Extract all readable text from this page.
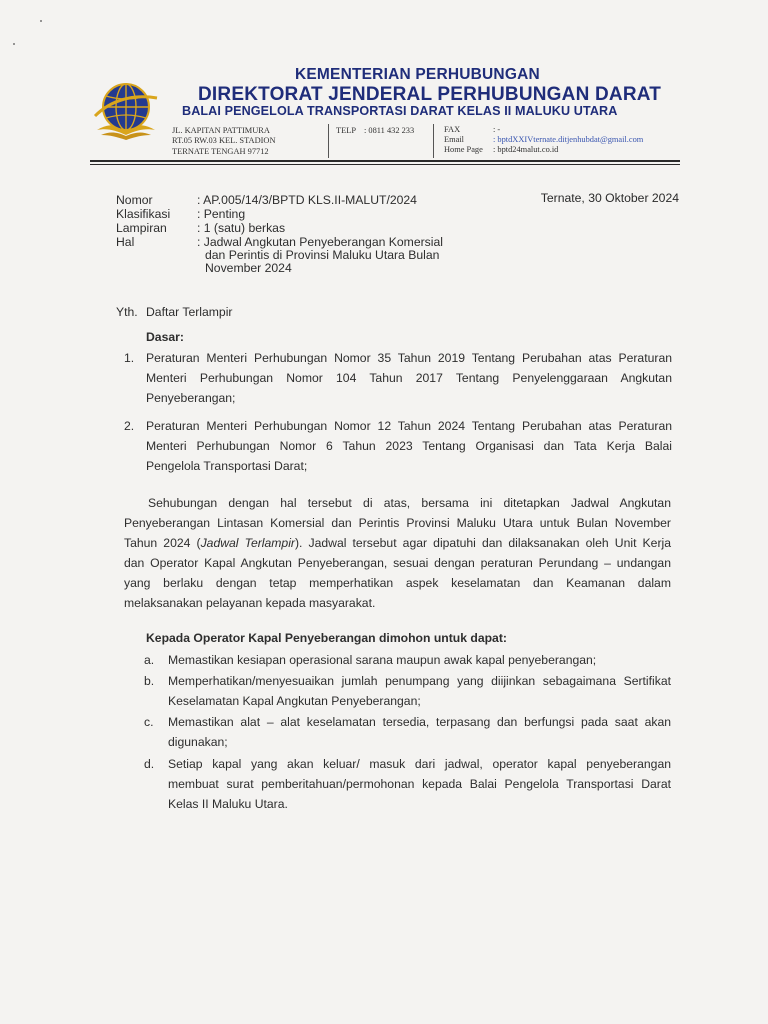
KEMENTERIAN PERHUBUNGAN
DIREKTORAT JENDERAL PERHUBUNGAN DARAT
BALAI PENGELOLA TRANSPORTASI DARAT KELAS II MALUKU UTARA
JL. KAPITAN PATTIMURA
RT.05 RW.03 KEL. STADION
TERNATE TENGAH 97712
TELP : 0811 432 233	FAX	: -
Email	: bptdXXIVternate.ditjenhubdat@gmail.com
Home Page : bptd24malut.co.id
Nomor	: AP.005/14/3/BPTD KLS.II-MALUT/2024
Klasifikasi : Penting
Lampiran : 1 (satu) berkas
Hal	: Jadwal Angkutan Penyeberangan Komersial
dan Perintis di Provinsi Maluku Utara Bulan
November 2024
Ternate, 30 Oktober 2024
Yth. Daftar Terlampir
Dasar:
1. Peraturan Menteri Perhubungan Nomor 35 Tahun 2019 Tentang Perubahan atas Peraturan
Menteri Perhubungan Nomor 104 Tahun 2017 Tentang Penyelenggaraan Angkutan
Penyeberangan;
2. Peraturan Menteri Perhubungan Nomor 12 Tahun 2024 Tentang Perubahan atas Peraturan
Menteri Perhubungan Nomor 6 Tahun 2023 Tentang Organisasi dan Tata Kerja Balai
Pengelola Transportasi Darat;
Sehubungan dengan hal tersebut di atas, bersama ini ditetapkan Jadwal Angkutan
Penyeberangan Lintasan Komersial dan Perintis Provinsi Maluku Utara untuk Bulan November
Tahun 2024 (Jadwal Terlampir). Jadwal tersebut agar dipatuhi dan dilaksanakan oleh Unit Kerja
dan Operator Kapal Angkutan Penyeberangan, sesuai dengan peraturan Perundang – undangan
yang berlaku dengan tetap memperhatikan aspek keselamatan dan Keamanan dalam
melaksanakan pelayanan kepada masyarakat.
Kepada Operator Kapal Penyeberangan dimohon untuk dapat:
a. Memastikan kesiapan operasional sarana maupun awak kapal penyeberangan;
b. Memperhatikan/menyesuaikan jumlah penumpang yang diijinkan sebagaimana Sertifikat
Keselamatan Kapal Angkutan Penyeberangan;
c. Memastikan alat – alat keselamatan tersedia, terpasang dan berfungsi pada saat akan
digunakan;
d. Setiap kapal yang akan keluar/ masuk dari jadwal, operator kapal penyeberangan
membuat surat pemberitahuan/permohonan kepada Balai Pengelola Transportasi Darat
Kelas II Maluku Utara.
